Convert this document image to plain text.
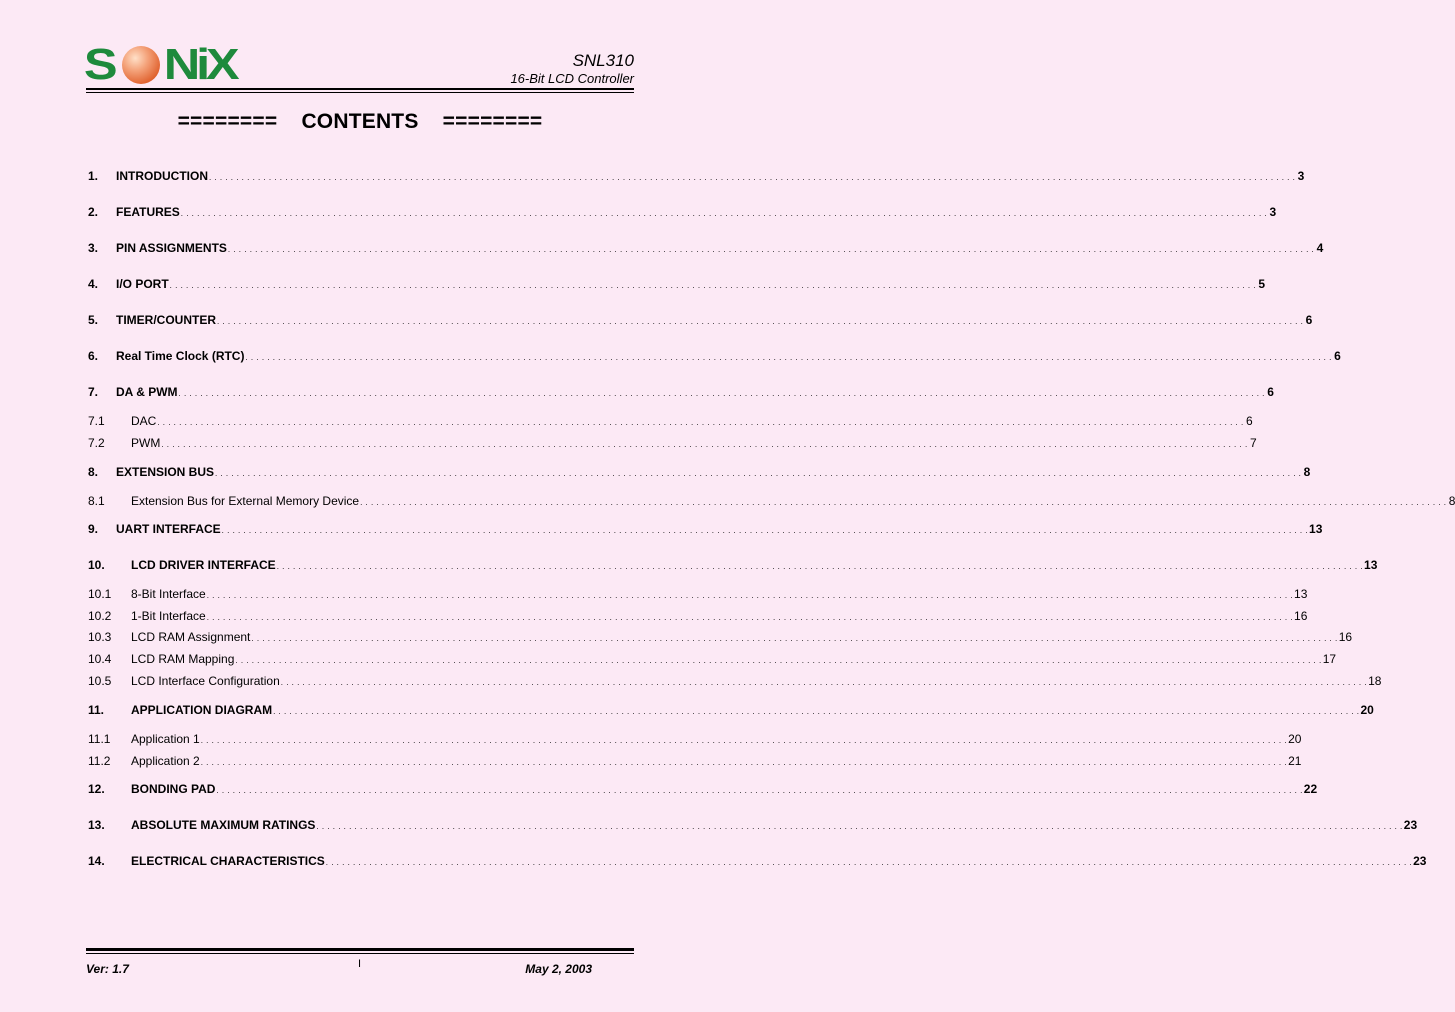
S N
i
X	SNL310
16-Bit LCD Controller
========    CONTENTS    ========
1.	INTRODUCTION . . . . . . . . . . . . . . . . . . . . . . . . . . . . . . . . . . . . . . . . . . . . . . . . . . . . . . . . . . . . . . . . . . . . . . . . . . . . . . . . . . . . . . . . . . . . . . . . . . . . . . . . . . . . . . . . . . . . . . . . . . . . . . . . . . . . . . . . . . . . . . . . . . . . . . . . . . . . . . . . . . . . . . . . . . . . . . . . . . . . . . . . . . . . . . . . . . . . . . . . 3
2.	FEATURES . . . . . . . . . . . . . . . . . . . . . . . . . . . . . . . . . . . . . . . . . . . . . . . . . . . . . . . . . . . . . . . . . . . . . . . . . . . . . . . . . . . . . . . . . . . . . . . . . . . . . . . . . . . . . . . . . . . . . . . . . . . . . . . . . . . . . . . . . . . . . . . . . . . . . . . . . . . . . . . . . . . . . . . . . . . . . . . . . . . . . . . . . . . . . . . . . . . . . . . . 3
3.	PIN ASSIGNMENTS . . . . . . . . . . . . . . . . . . . . . . . . . . . . . . . . . . . . . . . . . . . . . . . . . . . . . . . . . . . . . . . . . . . . . . . . . . . . . . . . . . . . . . . . . . . . . . . . . . . . . . . . . . . . . . . . . . . . . . . . . . . . . . . . . . . . . . . . . . . . . . . . . . . . . . . . . . . . . . . . . . . . . . . . . . . . . . . . . . . . . . . . . . . . . . . . . . . . . . . . 4
4.	I/O PORT . . . . . . . . . . . . . . . . . . . . . . . . . . . . . . . . . . . . . . . . . . . . . . . . . . . . . . . . . . . . . . . . . . . . . . . . . . . . . . . . . . . . . . . . . . . . . . . . . . . . . . . . . . . . . . . . . . . . . . . . . . . . . . . . . . . . . . . . . . . . . . . . . . . . . . . . . . . . . . . . . . . . . . . . . . . . . . . . . . . . . . . . . . . . . . . . . . . . . . . . 5
5.	TIMER/COUNTER . . . . . . . . . . . . . . . . . . . . . . . . . . . . . . . . . . . . . . . . . . . . . . . . . . . . . . . . . . . . . . . . . . . . . . . . . . . . . . . . . . . . . . . . . . . . . . . . . . . . . . . . . . . . . . . . . . . . . . . . . . . . . . . . . . . . . . . . . . . . . . . . . . . . . . . . . . . . . . . . . . . . . . . . . . . . . . . . . . . . . . . . . . . . . . . . . . . . . . . . 6
6.	Real Time Clock (RTC) . . . . . . . . . . . . . . . . . . . . . . . . . . . . . . . . . . . . . . . . . . . . . . . . . . . . . . . . . . . . . . . . . . . . . . . . . . . . . . . . . . . . . . . . . . . . . . . . . . . . . . . . . . . . . . . . . . . . . . . . . . . . . . . . . . . . . . . . . . . . . . . . . . . . . . . . . . . . . . . . . . . . . . . . . . . . . . . . . . . . . . . . . . . . . . . . . . . . . . . . 6
7.	DA & PWM . . . . . . . . . . . . . . . . . . . . . . . . . . . . . . . . . . . . . . . . . . . . . . . . . . . . . . . . . . . . . . . . . . . . . . . . . . . . . . . . . . . . . . . . . . . . . . . . . . . . . . . . . . . . . . . . . . . . . . . . . . . . . . . . . . . . . . . . . . . . . . . . . . . . . . . . . . . . . . . . . . . . . . . . . . . . . . . . . . . . . . . . . . . . . . . . . . . . . . . . 6
7.1	DAC . . . . . . . . . . . . . . . . . . . . . . . . . . . . . . . . . . . . . . . . . . . . . . . . . . . . . . . . . . . . . . . . . . . . . . . . . . . . . . . . . . . . . . . . . . . . . . . . . . . . . . . . . . . . . . . . . . . . . . . . . . . . . . . . . . . . . . . . . . . . . . . . . . . . . . . . . . . . . . . . . . . . . . . . . . . . . . . . . . . . . . . . . . . . . . . . . . . . . . . . 6
7.2	PWM . . . . . . . . . . . . . . . . . . . . . . . . . . . . . . . . . . . . . . . . . . . . . . . . . . . . . . . . . . . . . . . . . . . . . . . . . . . . . . . . . . . . . . . . . . . . . . . . . . . . . . . . . . . . . . . . . . . . . . . . . . . . . . . . . . . . . . . . . . . . . . . . . . . . . . . . . . . . . . . . . . . . . . . . . . . . . . . . . . . . . . . . . . . . . . . . . . . . . . . . 7
8.	EXTENSION BUS . . . . . . . . . . . . . . . . . . . . . . . . . . . . . . . . . . . . . . . . . . . . . . . . . . . . . . . . . . . . . . . . . . . . . . . . . . . . . . . . . . . . . . . . . . . . . . . . . . . . . . . . . . . . . . . . . . . . . . . . . . . . . . . . . . . . . . . . . . . . . . . . . . . . . . . . . . . . . . . . . . . . . . . . . . . . . . . . . . . . . . . . . . . . . . . . . . . . . . . . 8
8.1	Extension Bus for External Memory Device . . . . . . . . . . . . . . . . . . . . . . . . . . . . . . . . . . . . . . . . . . . . . . . . . . . . . . . . . . . . . . . . . . . . . . . . . . . . . . . . . . . . . . . . . . . . . . . . . . . . . . . . . . . . . . . . . . . . . . . . . . . . . . . . . . . . . . . . . . . . . . . . . . . . . . . . . . . . . . . . . . . . . . . . . . . . . . . . . . . . . . . . . . . . . . . . . . . . . . . . 8
9.	UART INTERFACE . . . . . . . . . . . . . . . . . . . . . . . . . . . . . . . . . . . . . . . . . . . . . . . . . . . . . . . . . . . . . . . . . . . . . . . . . . . . . . . . . . . . . . . . . . . . . . . . . . . . . . . . . . . . . . . . . . . . . . . . . . . . . . . . . . . . . . . . . . . . . . . . . . . . . . . . . . . . . . . . . . . . . . . . . . . . . . . . . . . . . . . . . . . . . . . . . . . . . . . . 13
10.	LCD DRIVER INTERFACE . . . . . . . . . . . . . . . . . . . . . . . . . . . . . . . . . . . . . . . . . . . . . . . . . . . . . . . . . . . . . . . . . . . . . . . . . . . . . . . . . . . . . . . . . . . . . . . . . . . . . . . . . . . . . . . . . . . . . . . . . . . . . . . . . . . . . . . . . . . . . . . . . . . . . . . . . . . . . . . . . . . . . . . . . . . . . . . . . . . . . . . . . . . . . . . . . . . . . . . . 13
10.1	8-Bit Interface . . . . . . . . . . . . . . . . . . . . . . . . . . . . . . . . . . . . . . . . . . . . . . . . . . . . . . . . . . . . . . . . . . . . . . . . . . . . . . . . . . . . . . . . . . . . . . . . . . . . . . . . . . . . . . . . . . . . . . . . . . . . . . . . . . . . . . . . . . . . . . . . . . . . . . . . . . . . . . . . . . . . . . . . . . . . . . . . . . . . . . . . . . . . . . . . . . . . . . . . 13
10.2	1-Bit Interface . . . . . . . . . . . . . . . . . . . . . . . . . . . . . . . . . . . . . . . . . . . . . . . . . . . . . . . . . . . . . . . . . . . . . . . . . . . . . . . . . . . . . . . . . . . . . . . . . . . . . . . . . . . . . . . . . . . . . . . . . . . . . . . . . . . . . . . . . . . . . . . . . . . . . . . . . . . . . . . . . . . . . . . . . . . . . . . . . . . . . . . . . . . . . . . . . . . . . . . . 16
10.3	LCD RAM Assignment . . . . . . . . . . . . . . . . . . . . . . . . . . . . . . . . . . . . . . . . . . . . . . . . . . . . . . . . . . . . . . . . . . . . . . . . . . . . . . . . . . . . . . . . . . . . . . . . . . . . . . . . . . . . . . . . . . . . . . . . . . . . . . . . . . . . . . . . . . . . . . . . . . . . . . . . . . . . . . . . . . . . . . . . . . . . . . . . . . . . . . . . . . . . . . . . . . . . . . . . 16
10.4	LCD RAM Mapping . . . . . . . . . . . . . . . . . . . . . . . . . . . . . . . . . . . . . . . . . . . . . . . . . . . . . . . . . . . . . . . . . . . . . . . . . . . . . . . . . . . . . . . . . . . . . . . . . . . . . . . . . . . . . . . . . . . . . . . . . . . . . . . . . . . . . . . . . . . . . . . . . . . . . . . . . . . . . . . . . . . . . . . . . . . . . . . . . . . . . . . . . . . . . . . . . . . . . . . . 17
10.5	LCD Interface Configuration . . . . . . . . . . . . . . . . . . . . . . . . . . . . . . . . . . . . . . . . . . . . . . . . . . . . . . . . . . . . . . . . . . . . . . . . . . . . . . . . . . . . . . . . . . . . . . . . . . . . . . . . . . . . . . . . . . . . . . . . . . . . . . . . . . . . . . . . . . . . . . . . . . . . . . . . . . . . . . . . . . . . . . . . . . . . . . . . . . . . . . . . . . . . . . . . . . . . . . . . 18
11.	APPLICATION DIAGRAM . . . . . . . . . . . . . . . . . . . . . . . . . . . . . . . . . . . . . . . . . . . . . . . . . . . . . . . . . . . . . . . . . . . . . . . . . . . . . . . . . . . . . . . . . . . . . . . . . . . . . . . . . . . . . . . . . . . . . . . . . . . . . . . . . . . . . . . . . . . . . . . . . . . . . . . . . . . . . . . . . . . . . . . . . . . . . . . . . . . . . . . . . . . . . . . . . . . . . . . . 20
11.1	Application 1 . . . . . . . . . . . . . . . . . . . . . . . . . . . . . . . . . . . . . . . . . . . . . . . . . . . . . . . . . . . . . . . . . . . . . . . . . . . . . . . . . . . . . . . . . . . . . . . . . . . . . . . . . . . . . . . . . . . . . . . . . . . . . . . . . . . . . . . . . . . . . . . . . . . . . . . . . . . . . . . . . . . . . . . . . . . . . . . . . . . . . . . . . . . . . . . . . . . . . . . . 20
11.2	Application 2 . . . . . . . . . . . . . . . . . . . . . . . . . . . . . . . . . . . . . . . . . . . . . . . . . . . . . . . . . . . . . . . . . . . . . . . . . . . . . . . . . . . . . . . . . . . . . . . . . . . . . . . . . . . . . . . . . . . . . . . . . . . . . . . . . . . . . . . . . . . . . . . . . . . . . . . . . . . . . . . . . . . . . . . . . . . . . . . . . . . . . . . . . . . . . . . . . . . . . . . . 21
12.	BONDING PAD . . . . . . . . . . . . . . . . . . . . . . . . . . . . . . . . . . . . . . . . . . . . . . . . . . . . . . . . . . . . . . . . . . . . . . . . . . . . . . . . . . . . . . . . . . . . . . . . . . . . . . . . . . . . . . . . . . . . . . . . . . . . . . . . . . . . . . . . . . . . . . . . . . . . . . . . . . . . . . . . . . . . . . . . . . . . . . . . . . . . . . . . . . . . . . . . . . . . . . . . 22
13.	ABSOLUTE MAXIMUM RATINGS . . . . . . . . . . . . . . . . . . . . . . . . . . . . . . . . . . . . . . . . . . . . . . . . . . . . . . . . . . . . . . . . . . . . . . . . . . . . . . . . . . . . . . . . . . . . . . . . . . . . . . . . . . . . . . . . . . . . . . . . . . . . . . . . . . . . . . . . . . . . . . . . . . . . . . . . . . . . . . . . . . . . . . . . . . . . . . . . . . . . . . . . . . . . . . . . . . . . . . . . 23
14.	ELECTRICAL CHARACTERISTICS . . . . . . . . . . . . . . . . . . . . . . . . . . . . . . . . . . . . . . . . . . . . . . . . . . . . . . . . . . . . . . . . . . . . . . . . . . . . . . . . . . . . . . . . . . . . . . . . . . . . . . . . . . . . . . . . . . . . . . . . . . . . . . . . . . . . . . . . . . . . . . . . . . . . . . . . . . . . . . . . . . . . . . . . . . . . . . . . . . . . . . . . . . . . . . . . . . . . . . . . 23
Ver: 1.7	I	May 2, 2003
